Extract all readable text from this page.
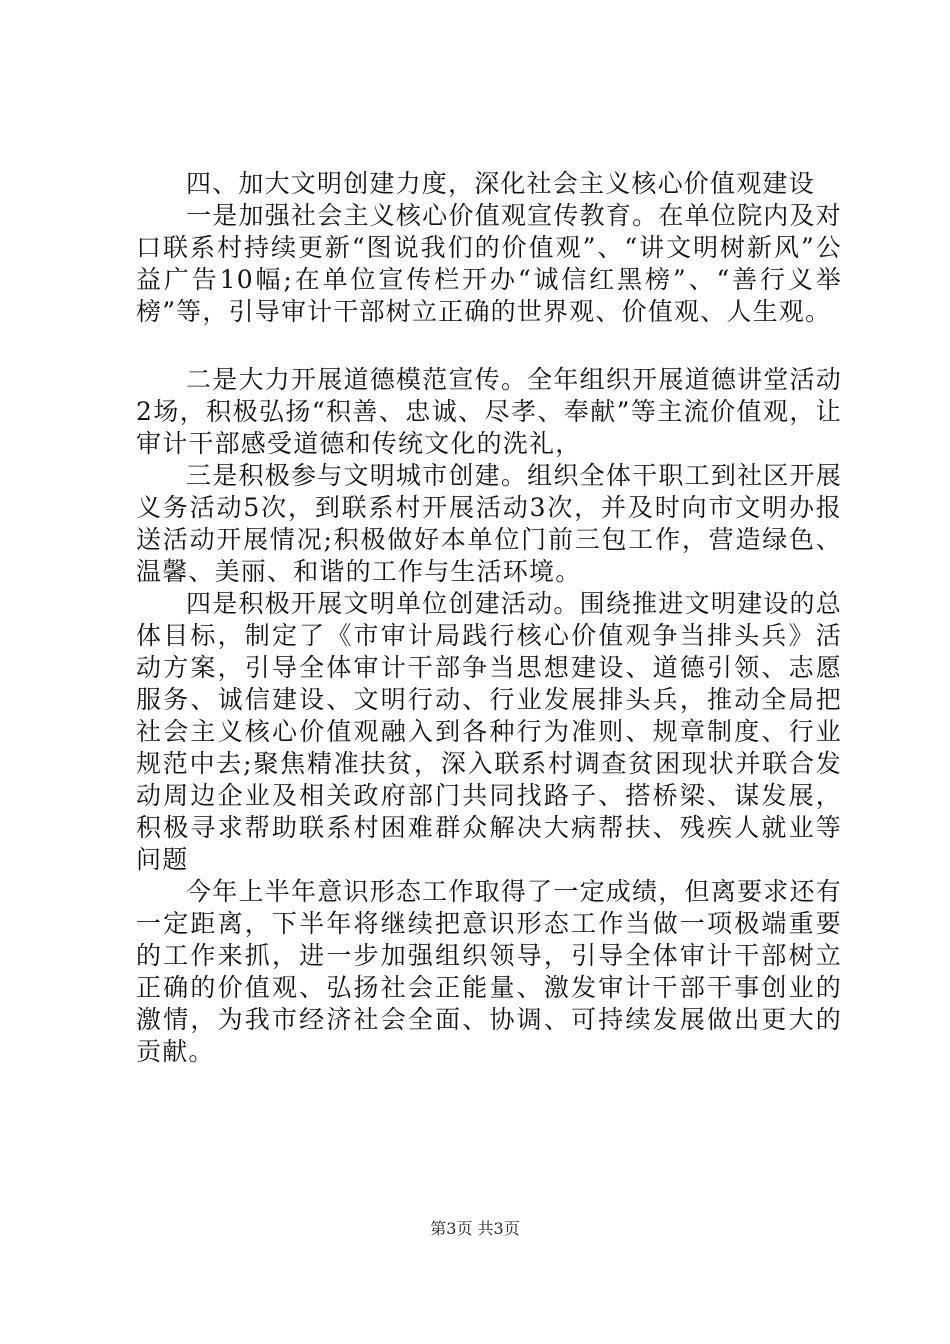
四、加大文明创建力度，深化社会主义核心价值观建设

一是加强社会主义核心价值观宣传教育。在单位院内及对口联系村持续更新“图说我们的价值观”、“讲文明树新风”公益广告10幅;在单位宣传栏开办“诚信红黑榜”、“善行义举榜”等，引导审计干部树立正确的世界观、价值观、人生观。

二是大力开展道德模范宣传。全年组织开展道德讲堂活动2场，积极弘扬“积善、忠诚、尽孝、奉献”等主流价值观，让审计干部感受道德和传统文化的洗礼，

三是积极参与文明城市创建。组织全体干职工到社区开展义务活动5次，到联系村开展活动3次，并及时向市文明办报送活动开展情况;积极做好本单位门前三包工作，营造绿色、温馨、美丽、和谐的工作与生活环境。

四是积极开展文明单位创建活动。围绕推进文明建设的总体目标，制定了《市审计局践行核心价值观争当排头兵》活动方案，引导全体审计干部争当思想建设、道德引领、志愿服务、诚信建设、文明行动、行业发展排头兵，推动全局把社会主义核心价值观融入到各种行为准则、规章制度、行业规范中去;聚焦精准扶贫，深入联系村调查贫困现状并联合发动周边企业及相关政府部门共同找路子、搭桥梁、谋发展，积极寻求帮助联系村困难群众解决大病帮扶、残疾人就业等问题

今年上半年意识形态工作取得了一定成绩，但离要求还有一定距离，下半年将继续把意识形态工作当做一项极端重要的工作来抓，进一步加强组织领导，引导全体审计干部树立正确的价值观、弘扬社会正能量、激发审计干部干事创业的激情，为我市经济社会全面、协调、可持续发展做出更大的贡献。

第3页 共3页
